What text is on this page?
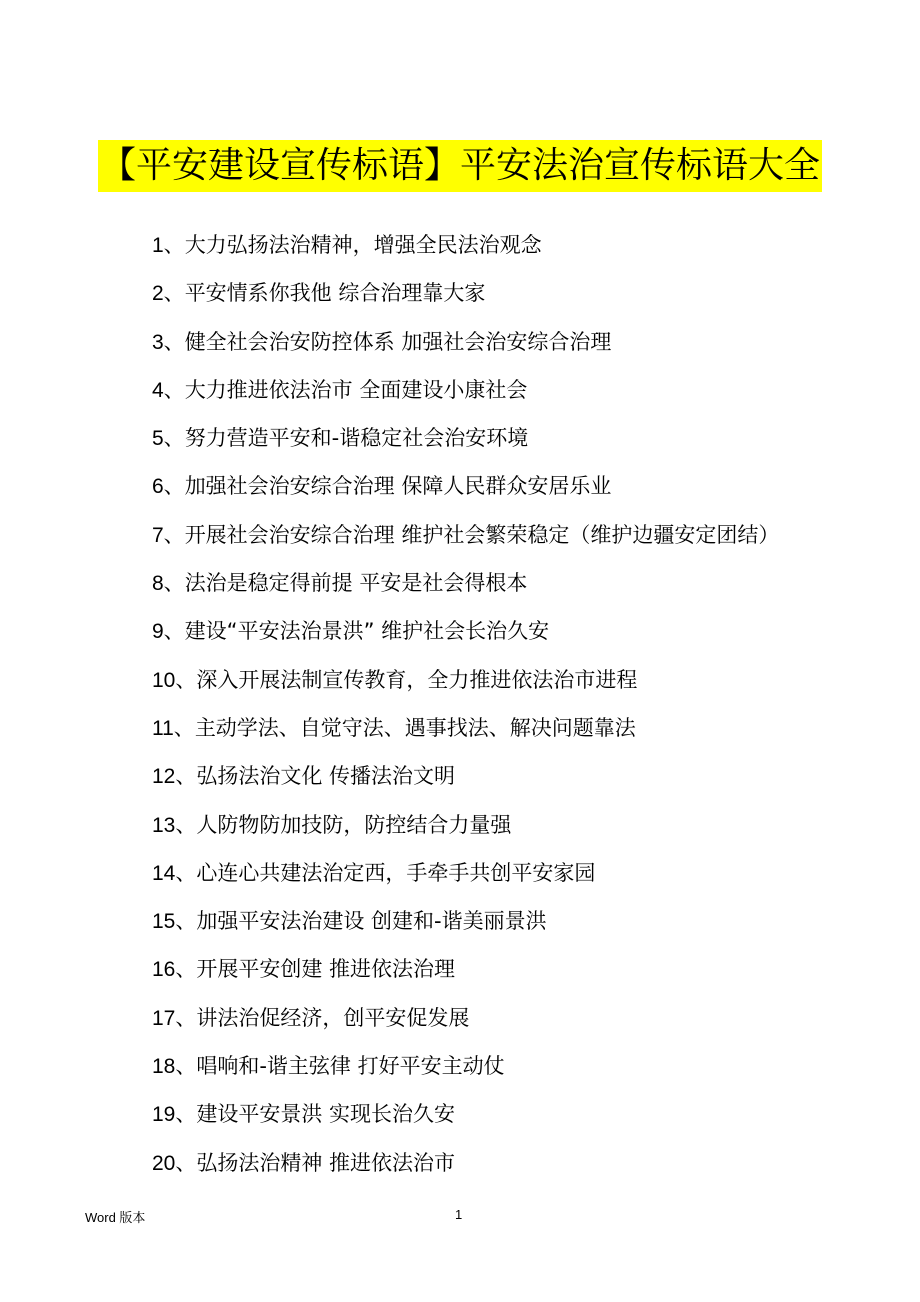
【平安建设宣传标语】平安法治宣传标语大全
1、大力弘扬法治精神，增强全民法治观念
2、平安情系你我他 综合治理靠大家
3、健全社会治安防控体系 加强社会治安综合治理
4、大力推进依法治市 全面建设小康社会
5、努力营造平安和-谐稳定社会治安环境
6、加强社会治安综合治理 保障人民群众安居乐业
7、开展社会治安综合治理 维护社会繁荣稳定（维护边疆安定团结）
8、法治是稳定得前提 平安是社会得根本
9、建设“平安法治景洪” 维护社会长治久安
10、深入开展法制宣传教育，全力推进依法治市进程
11、主动学法、自觉守法、遇事找法、解决问题靠法
12、弘扬法治文化 传播法治文明
13、人防物防加技防，防控结合力量强
14、心连心共建法治定西，手牵手共创平安家园
15、加强平安法治建设 创建和-谐美丽景洪
16、开展平安创建 推进依法治理
17、讲法治促经济，创平安促发展
18、唱响和-谐主弦律 打好平安主动仗
19、建设平安景洪 实现长治久安
20、弘扬法治精神 推进依法治市
Word 版本	1
